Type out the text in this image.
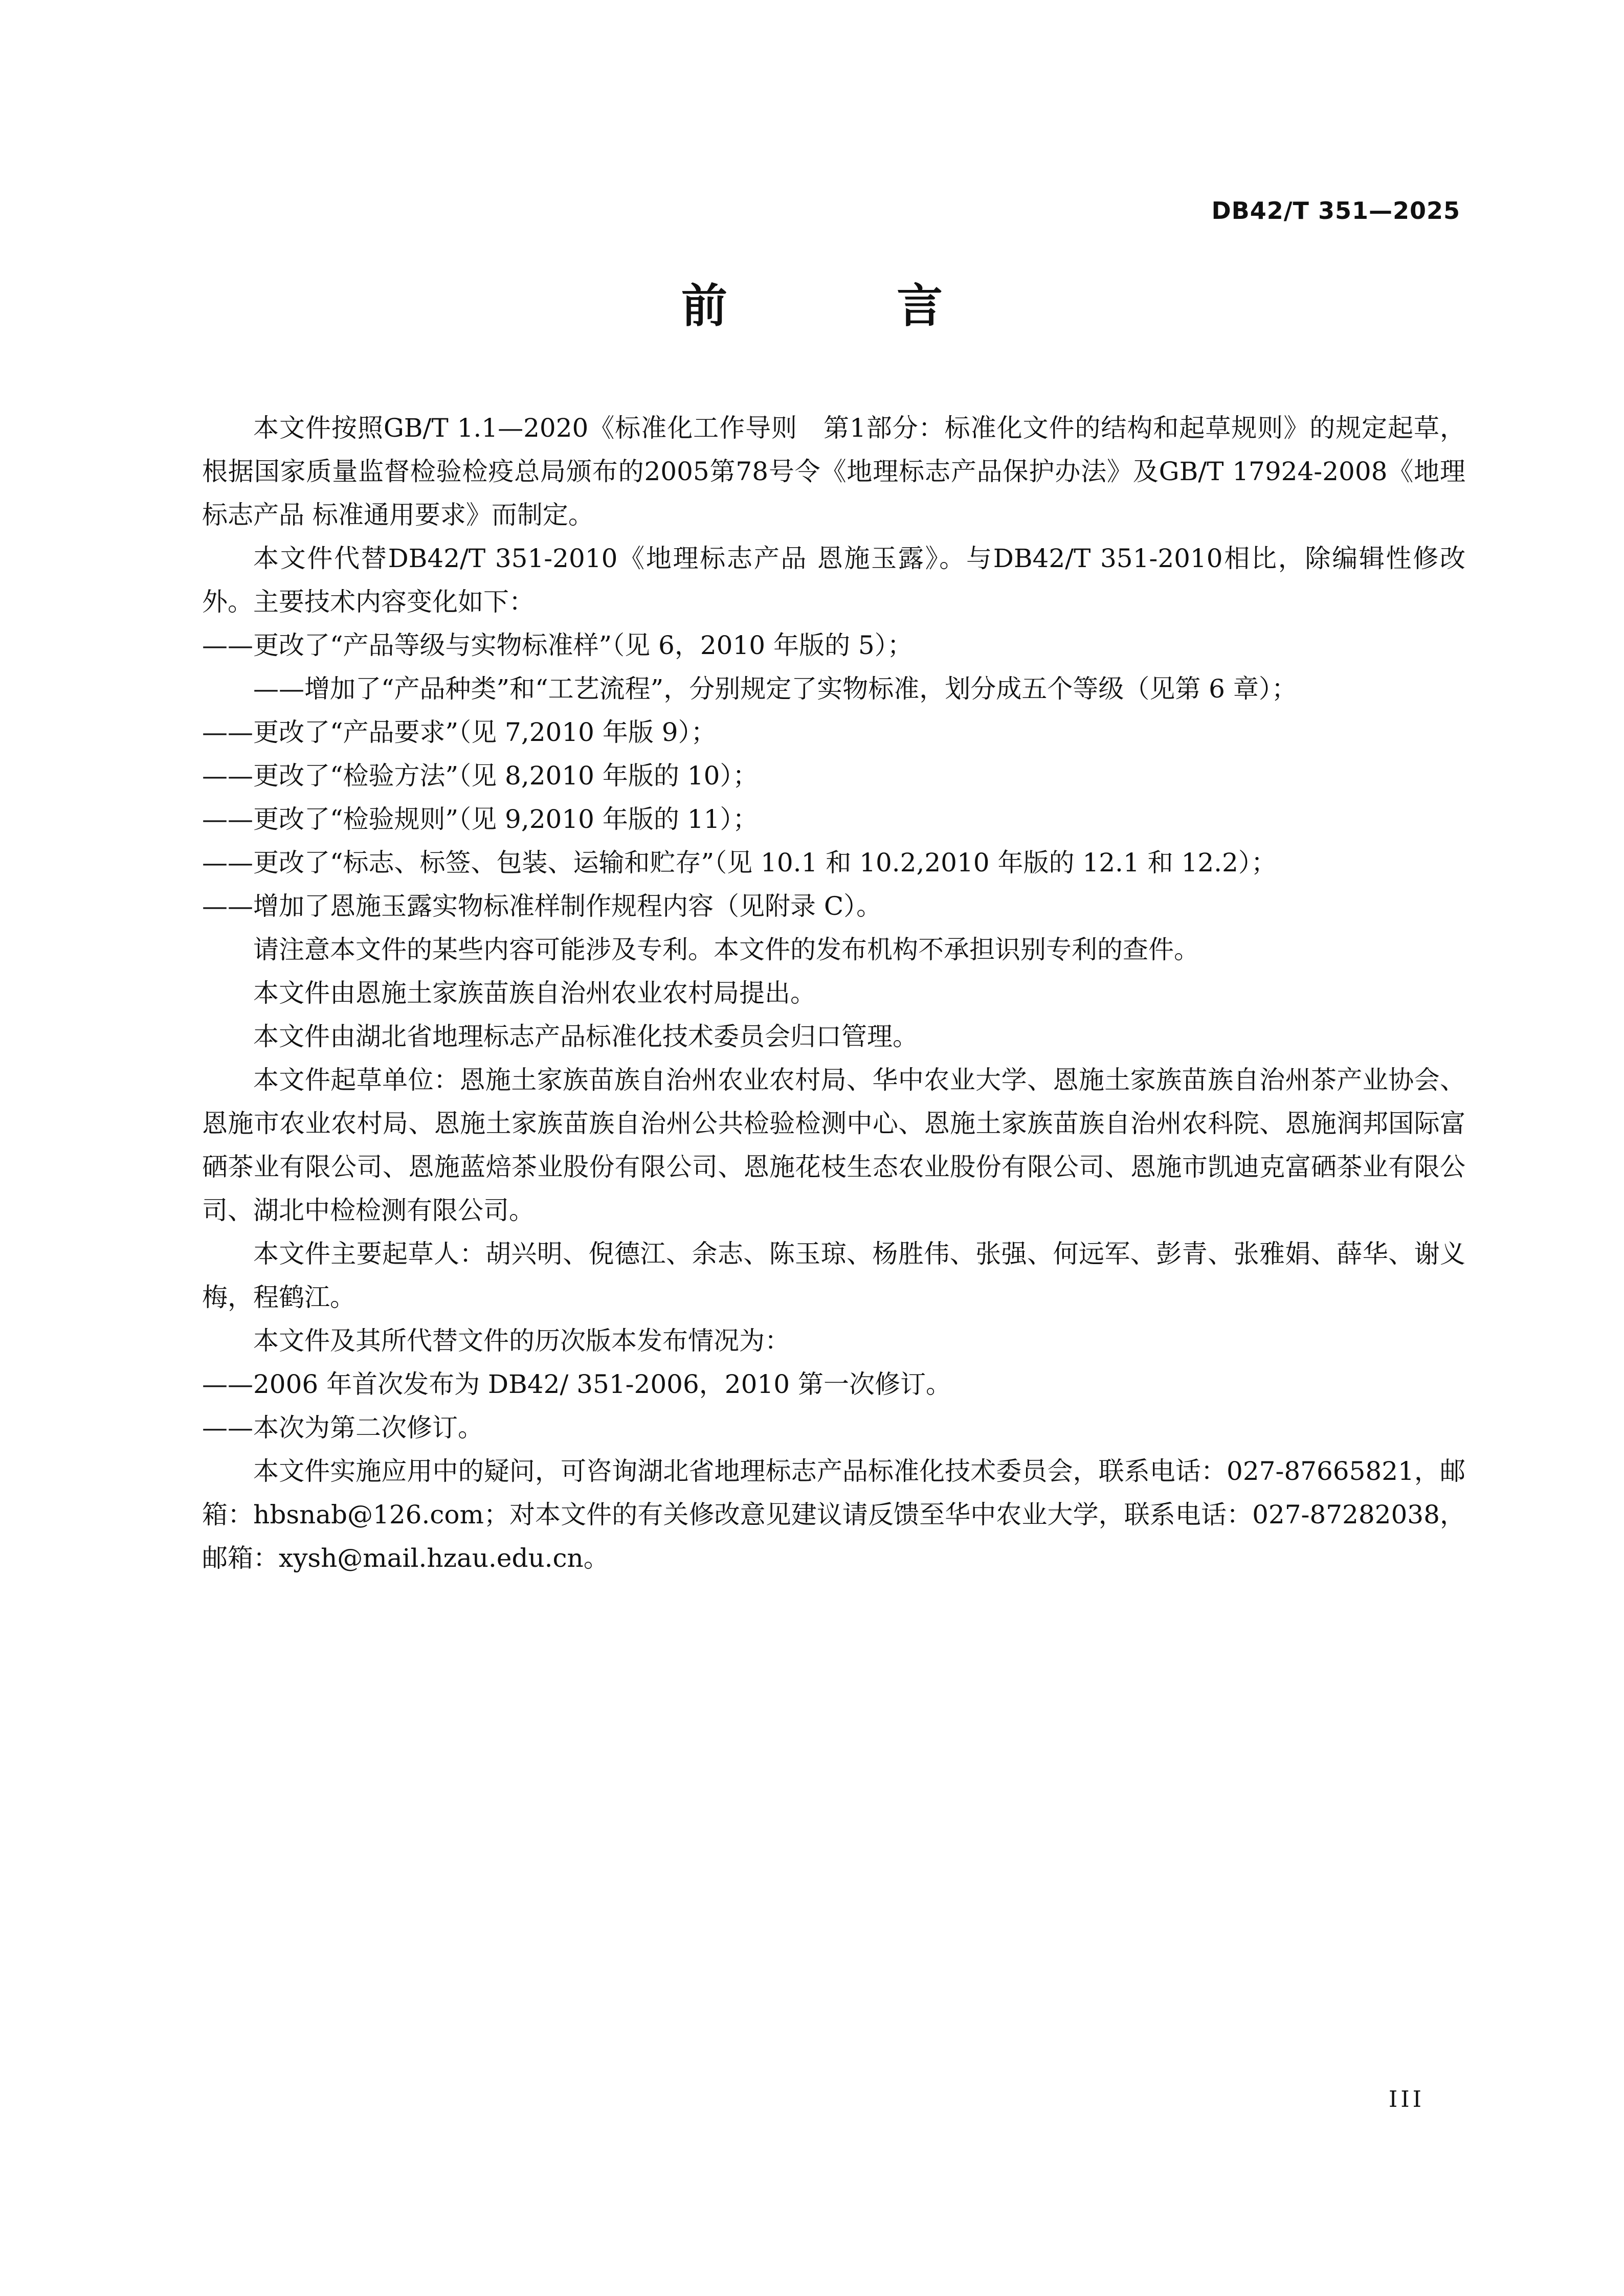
DB42/T 351—2025
前 言

本文件按照GB/T 1.1—2020《标准化工作导则　第1部分：标准化文件的结构和起草规则》的规定起草，根据国家质量监督检验检疫总局颁布的2005第78号令《地理标志产品保护办法》及GB/T 17924-2008《地理标志产品 标准通用要求》而制定。

本文件代替DB42/T 351-2010《地理标志产品 恩施玉露》。与DB42/T 351-2010相比，除编辑性修改外。主要技术内容变化如下：

——更改了“产品等级与实物标准样”（见 6，2010 年版的 5）；

——增加了“产品种类”和“工艺流程”，分别规定了实物标准，划分成五个等级（见第 6 章）；

——更改了“产品要求”（见 7,2010 年版 9）；

——更改了“检验方法”（见 8,2010 年版的 10）；

——更改了“检验规则”（见 9,2010 年版的 11）；

——更改了“标志、标签、包装、运输和贮存”（见 10.1 和 10.2,2010 年版的 12.1 和 12.2）；

——增加了恩施玉露实物标准样制作规程内容（见附录 C）。

请注意本文件的某些内容可能涉及专利。本文件的发布机构不承担识别专利的查件。

本文件由恩施土家族苗族自治州农业农村局提出。

本文件由湖北省地理标志产品标准化技术委员会归口管理。

本文件起草单位：恩施土家族苗族自治州农业农村局、华中农业大学、恩施土家族苗族自治州茶产业协会、恩施市农业农村局、恩施土家族苗族自治州公共检验检测中心、恩施土家族苗族自治州农科院、恩施润邦国际富硒茶业有限公司、恩施蓝焙茶业股份有限公司、恩施花枝生态农业股份有限公司、恩施市凯迪克富硒茶业有限公司、湖北中检检测有限公司。

本文件主要起草人：胡兴明、倪德江、余志、陈玉琼、杨胜伟、张强、何远军、彭青、张雅娟、薛华、谢义梅，程鹤江。

本文件及其所代替文件的历次版本发布情况为：

——2006 年首次发布为 DB42/ 351-2006，2010 第一次修订。

——本次为第二次修订。

本文件实施应用中的疑问，可咨询湖北省地理标志产品标准化技术委员会，联系电话：027-87665821，邮箱：hbsnab@126.com；对本文件的有关修改意见建议请反馈至华中农业大学，联系电话：027-87282038，邮箱：xysh@mail.hzau.edu.cn。

III
